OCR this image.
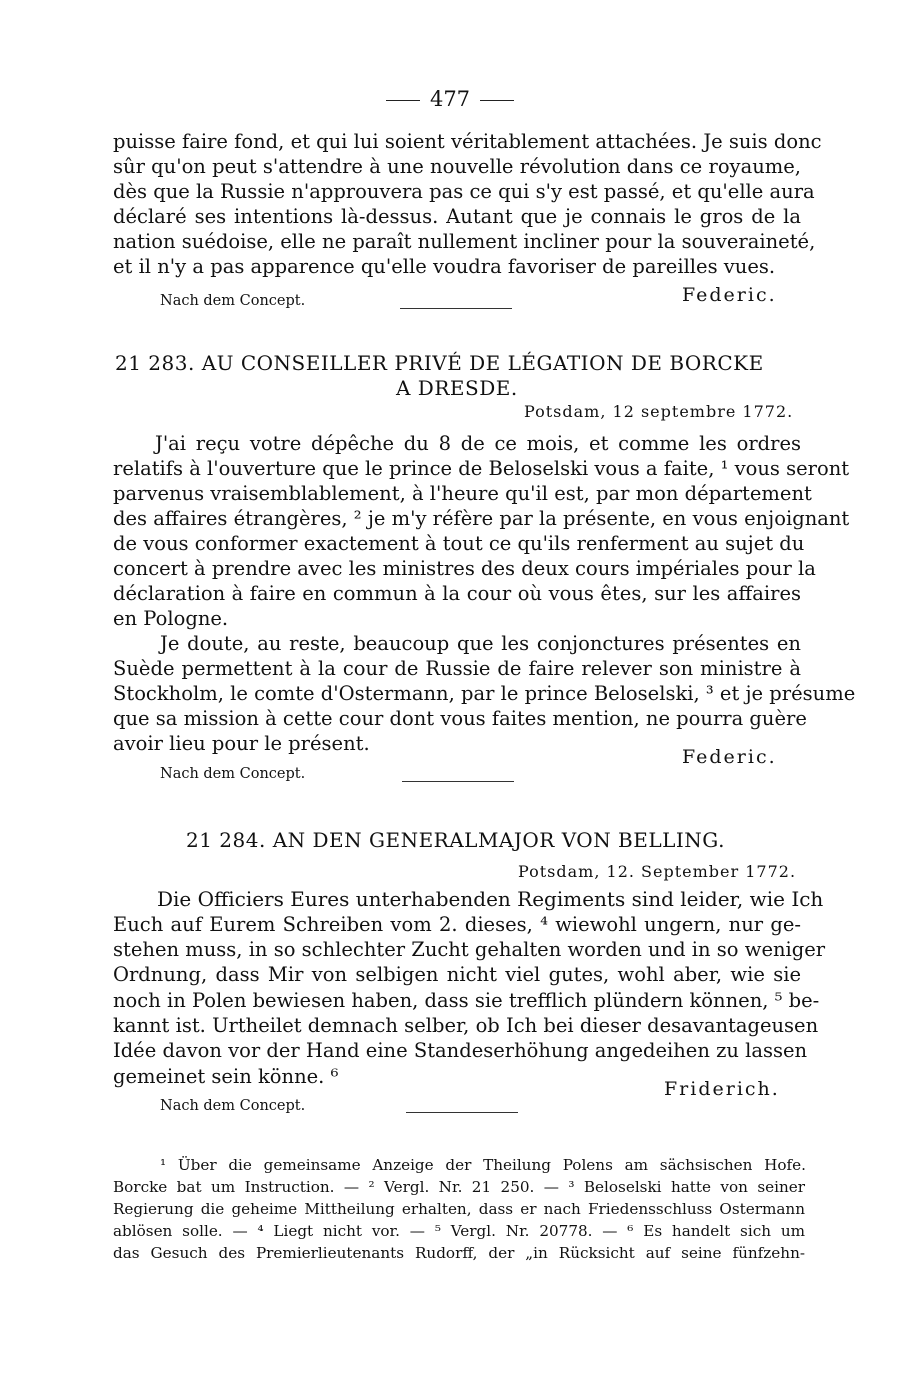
477
puisse faire fond, et qui lui soient véritablement attachées. Je suis donc
sûr qu'on peut s'attendre à une nouvelle révolution dans ce royaume,
dès que la Russie n'approuvera pas ce qui s'y est passé, et qu'elle aura
déclaré ses intentions là-dessus. Autant que je connais le gros de la
nation suédoise, elle ne paraît nullement incliner pour la souveraineté,
et il n'y a pas apparence qu'elle voudra favoriser de pareilles vues.
Nach dem Concept.	Federic.
21 283. AU CONSEILLER PRIVÉ DE LÉGATION DE BORCKE
A DRESDE.
Potsdam, 12 septembre 1772.
J'ai reçu votre dépêche du 8 de ce mois, et comme les ordres
relatifs à l'ouverture que le prince de Beloselski vous a faite, ¹ vous seront
parvenus vraisemblablement, à l'heure qu'il est, par mon département
des affaires étrangères, ² je m'y réfère par la présente, en vous enjoignant
de vous conformer exactement à tout ce qu'ils renferment au sujet du
concert à prendre avec les ministres des deux cours impériales pour la
déclaration à faire en commun à la cour où vous êtes, sur les affaires
en Pologne.
Je doute, au reste, beaucoup que les conjonctures présentes en
Suède permettent à la cour de Russie de faire relever son ministre à
Stockholm, le comte d'Ostermann, par le prince Beloselski, ³ et je présume
que sa mission à cette cour dont vous faites mention, ne pourra guère
avoir lieu pour le présent.
Federic.
Nach dem Concept.
21 284. AN DEN GENERALMAJOR VON BELLING.
Potsdam, 12. September 1772.
Die Officiers Eures unterhabenden Regiments sind leider, wie Ich
Euch auf Eurem Schreiben vom 2. dieses, ⁴ wiewohl ungern, nur ge-
stehen muss, in so schlechter Zucht gehalten worden und in so weniger
Ordnung, dass Mir von selbigen nicht viel gutes, wohl aber, wie sie
noch in Polen bewiesen haben, dass sie trefflich plündern können, ⁵ be-
kannt ist. Urtheilet demnach selber, ob Ich bei dieser desavantageusen
Idée davon vor der Hand eine Standeserhöhung angedeihen zu lassen
gemeinet sein könne. ⁶
Friderich.
Nach dem Concept.
¹ Über die gemeinsame Anzeige der Theilung Polens am sächsischen Hofe.
Borcke bat um Instruction. — ² Vergl. Nr. 21 250. — ³ Beloselski hatte von seiner
Regierung die geheime Mittheilung erhalten, dass er nach Friedensschluss Ostermann
ablösen solle. — ⁴ Liegt nicht vor. — ⁵ Vergl. Nr. 20778. — ⁶ Es handelt sich um
das Gesuch des Premierlieutenants Rudorff, der „in Rücksicht auf seine fünfzehn-
